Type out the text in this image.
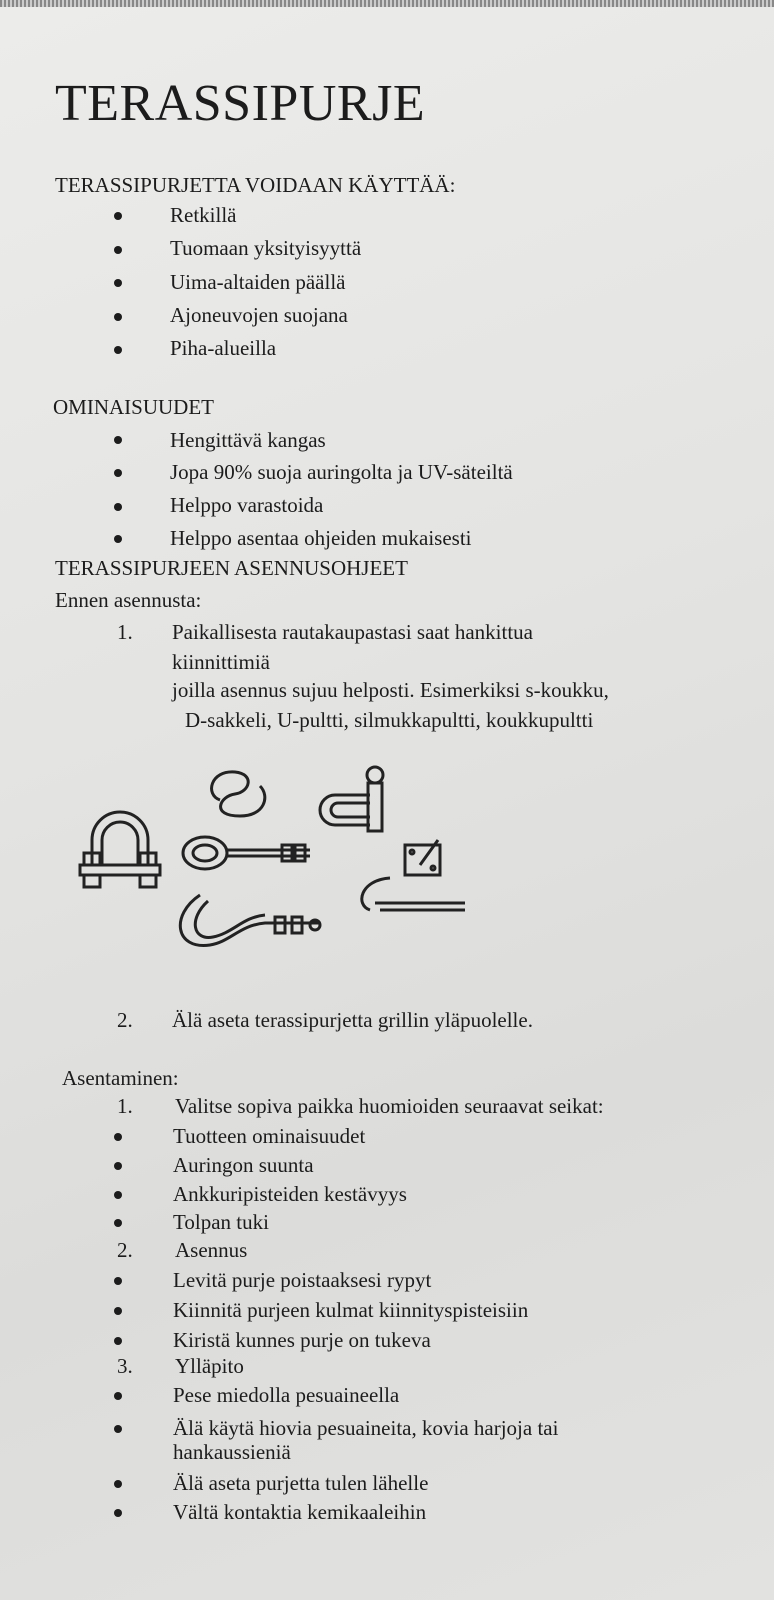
TERASSIPURJE
TERASSIPURJETTA VOIDAAN KÄYTTÄÄ:
Retkillä
Tuomaan yksityisyyttä
Uima-altaiden päällä
Ajoneuvojen suojana
Piha-alueilla
OMINAISUUDET
Hengittävä kangas
Jopa 90% suoja auringolta ja UV-säteiltä
Helppo varastoida
Helppo asentaa ohjeiden mukaisesti
TERASSIPURJEEN ASENNUSOHJEET
Ennen asennusta:
1. Paikallisesta rautakaupastasi saat hankittua
kiinnittimiä
joilla asennus sujuu helposti. Esimerkiksi s-koukku,
D-sakkeli, U-pultti, silmukkapultti, koukkupultti
2. Älä aseta terassipurjetta grillin yläpuolelle.
Asentaminen:
1. Valitse sopiva paikka huomioiden seuraavat seikat:
Tuotteen ominaisuudet
Auringon suunta
Ankkuripisteiden kestävyys
Tolpan tuki
2. Asennus
Levitä purje poistaaksesi rypyt
Kiinnitä purjeen kulmat kiinnityspisteisiin
Kiristä kunnes purje on tukeva
3. Ylläpito
Pese miedolla pesuaineella
Älä käytä hiovia pesuaineita, kovia harjoja tai
hankaussieniä
Älä aseta purjetta tulen lähelle
Vältä kontaktia kemikaaleihin
